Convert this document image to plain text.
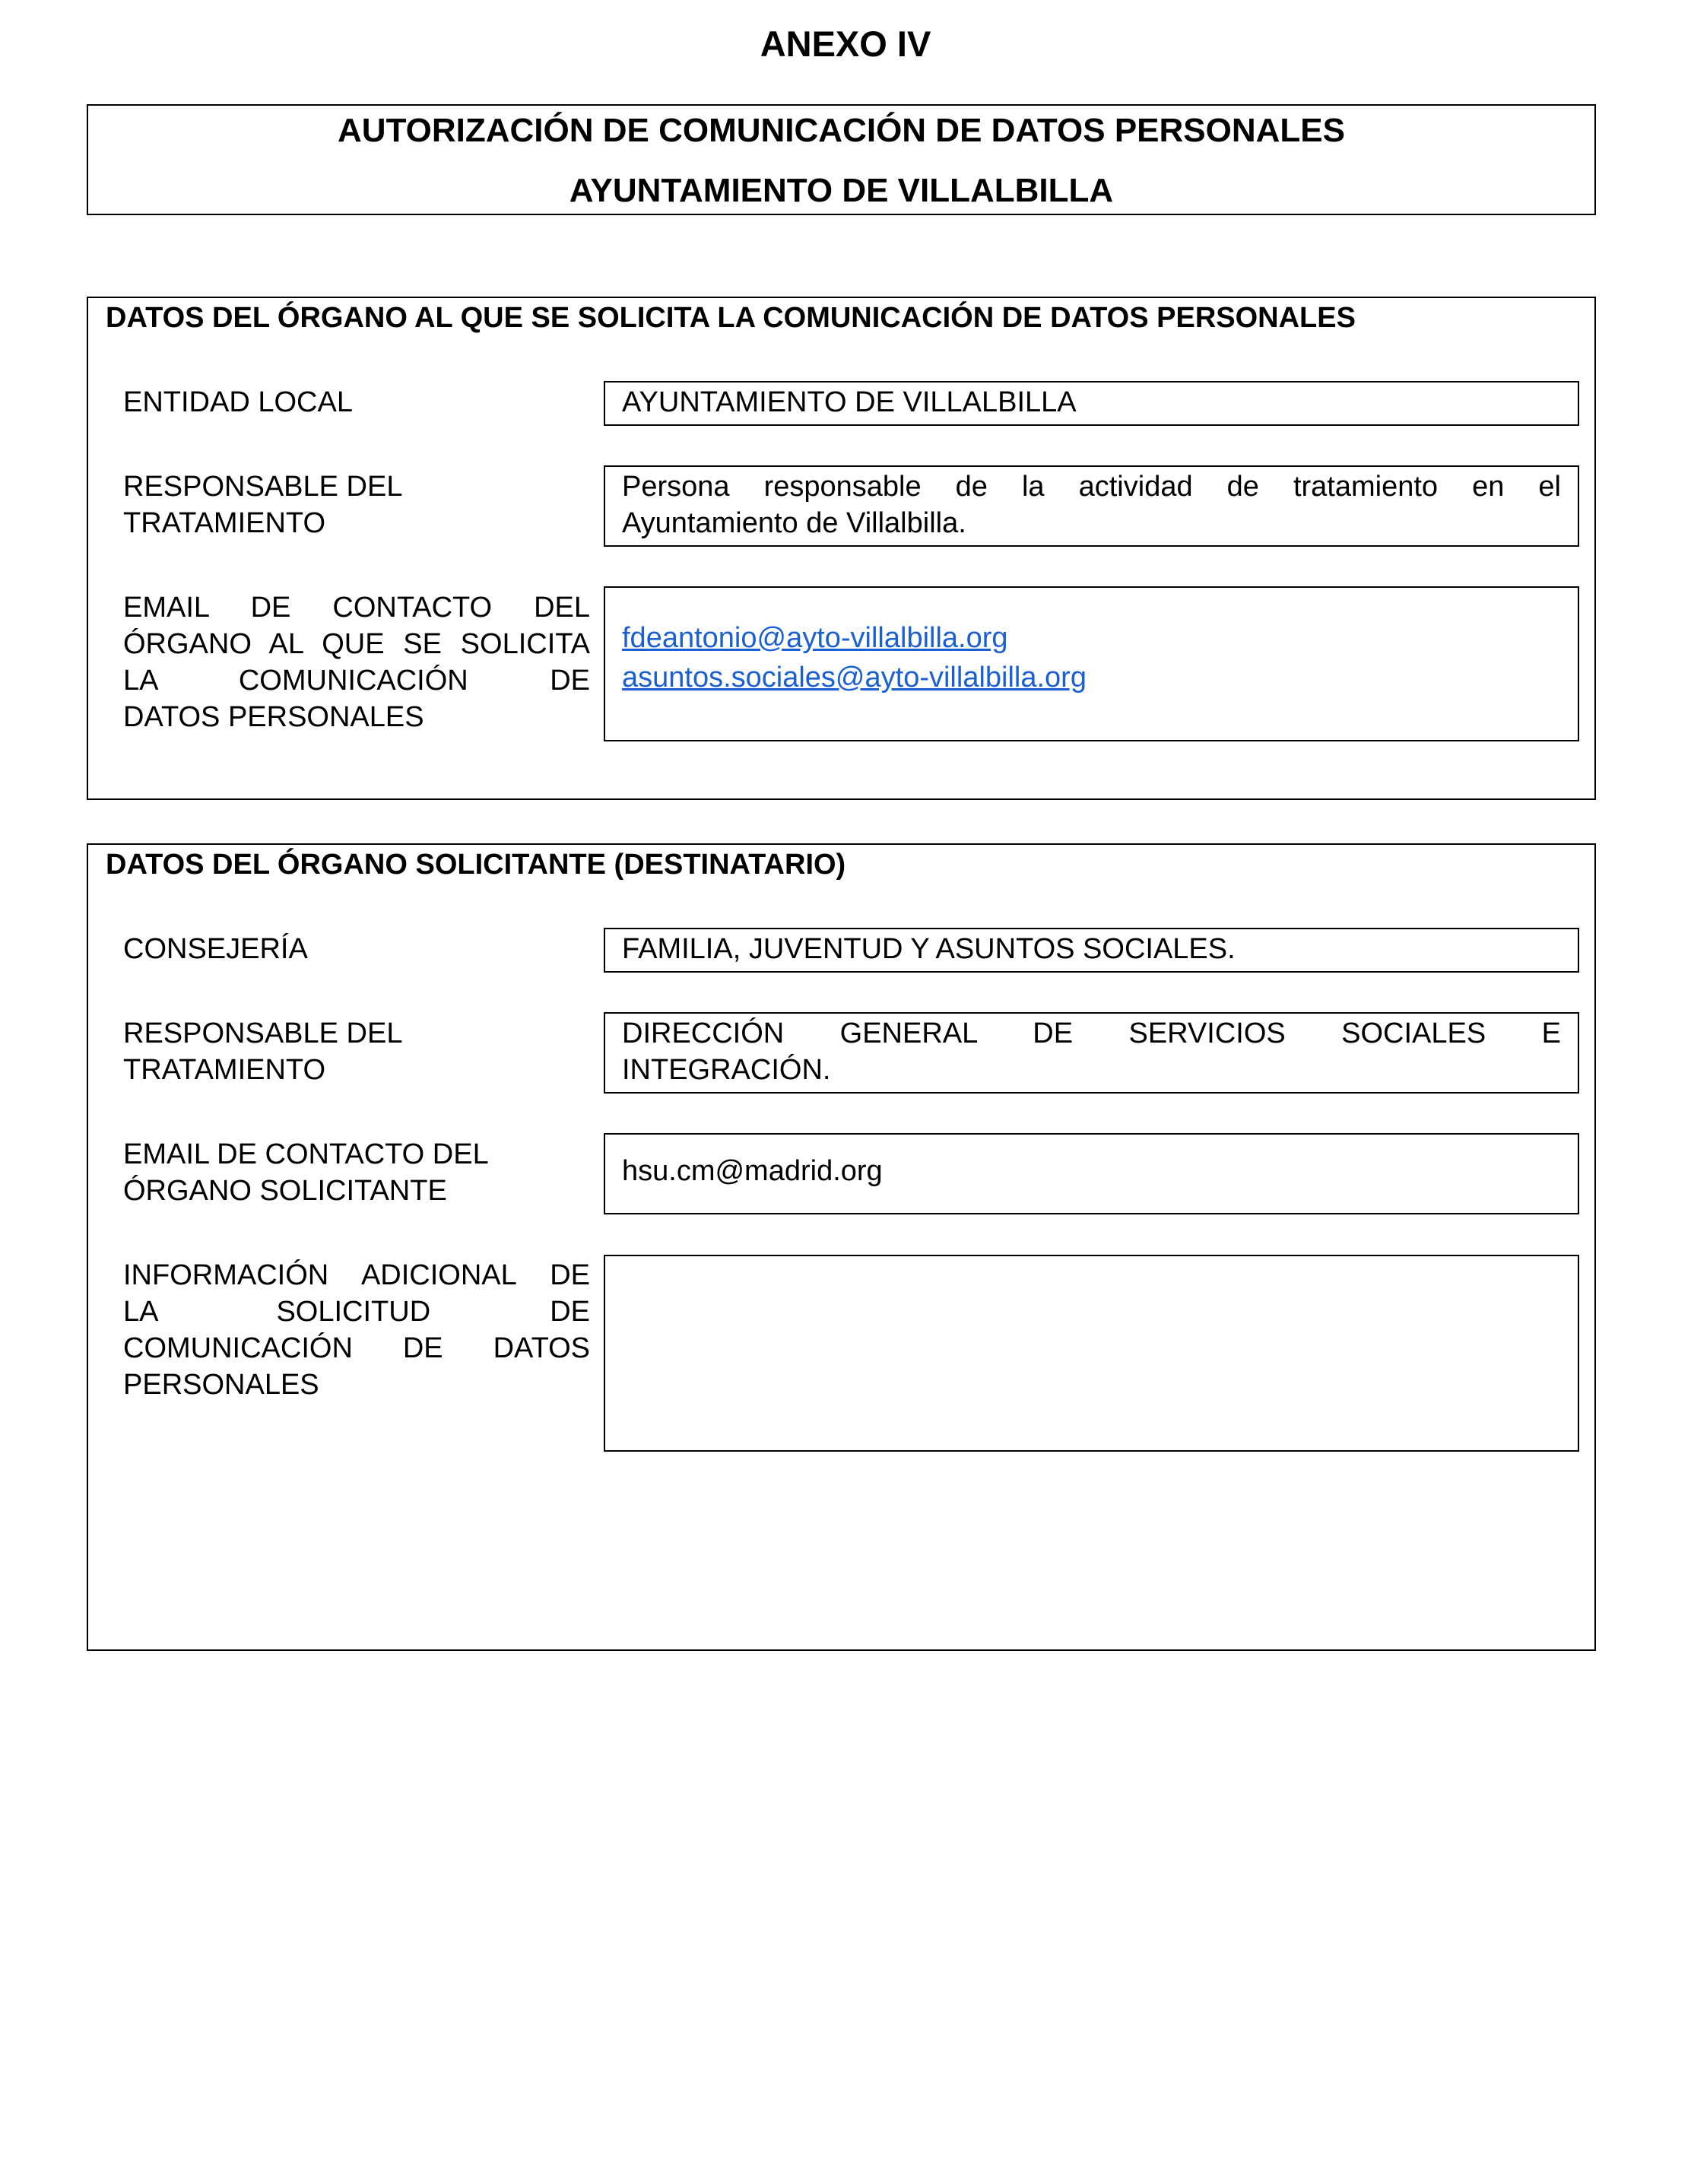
ANEXO IV
AUTORIZACIÓN DE COMUNICACIÓN DE DATOS PERSONALES
AYUNTAMIENTO DE VILLALBILLA
DATOS DEL ÓRGANO AL QUE SE SOLICITA LA COMUNICACIÓN DE DATOS PERSONALES
ENTIDAD LOCAL	AYUNTAMIENTO DE VILLALBILLA
RESPONSABLE DEL
TRATAMIENTO
Persona responsable de la actividad de tratamiento en el
Ayuntamiento de Villalbilla.
EMAIL DE CONTACTO DEL
ÓRGANO AL QUE SE SOLICITA
LA COMUNICACIÓN DE
DATOS PERSONALES
fdeantonio@ayto-villalbilla.org
asuntos.sociales@ayto-villalbilla.org
DATOS DEL ÓRGANO SOLICITANTE (DESTINATARIO)
CONSEJERÍA	FAMILIA, JUVENTUD Y ASUNTOS SOCIALES.
RESPONSABLE DEL
TRATAMIENTO
DIRECCIÓN GENERAL DE SERVICIOS SOCIALES E
INTEGRACIÓN.
EMAIL DE CONTACTO DEL
ÓRGANO SOLICITANTE
hsu.cm@madrid.org
INFORMACIÓN ADICIONAL DE
LA SOLICITUD DE
COMUNICACIÓN DE DATOS
PERSONALES
